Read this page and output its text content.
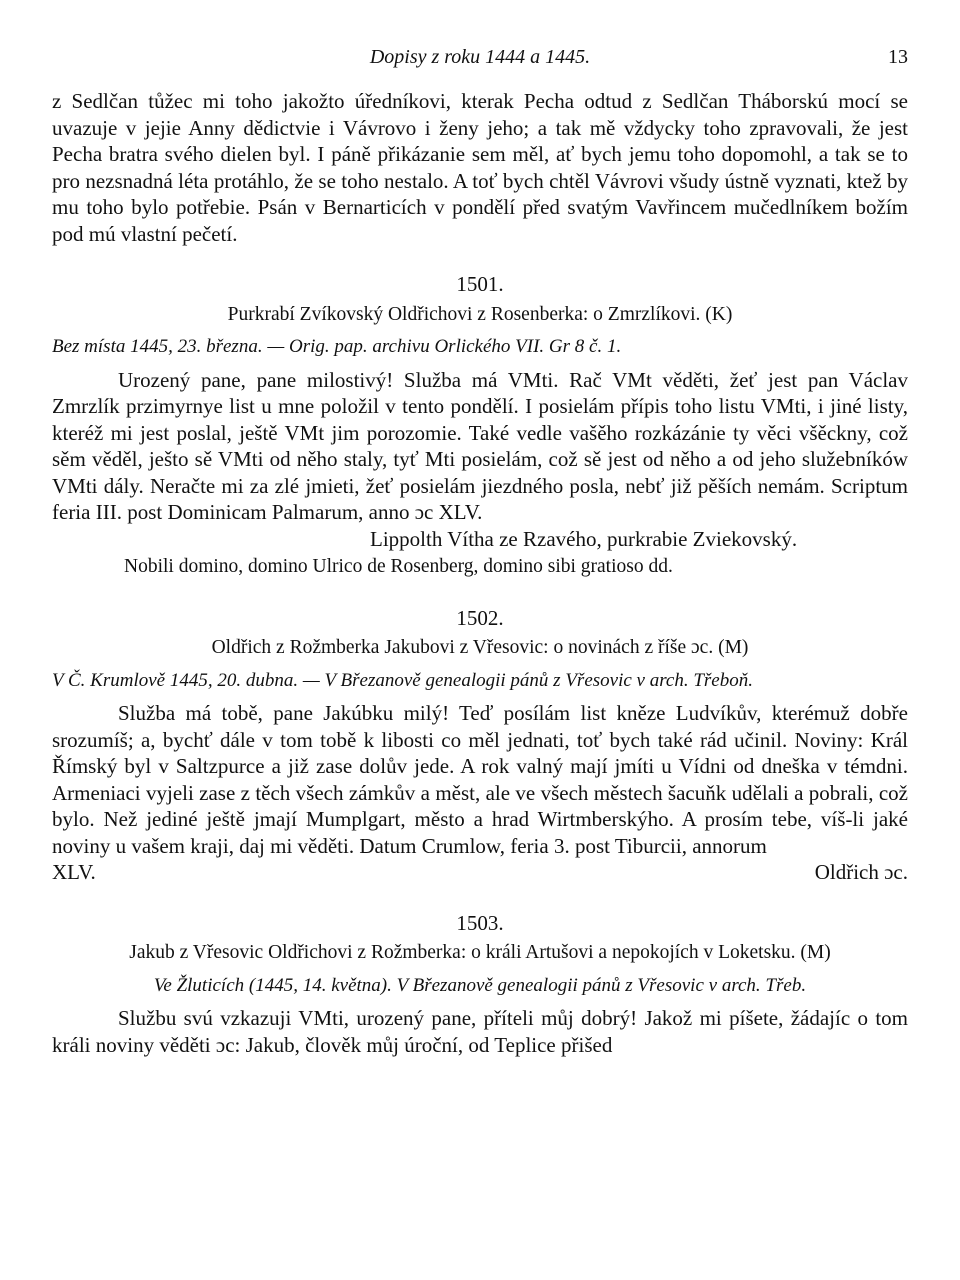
Dopisy z roku 1444 a 1445.	13

z Sedlčan tůžec mi toho jakožto úředníkovi, kterak Pecha odtud z Sedlčan Tháborskú mocí se uvazuje v jejie Anny dědictvie i Vávrovo i ženy jeho; a tak mě vždycky toho zpravovali, že jest Pecha bratra svého dielen byl. I páně přikázanie sem měl, ať bych jemu toho dopomohl, a tak se to pro nezsnadná léta protáhlo, že se toho nestalo. A toť bych chtěl Vávrovi všudy ústně vyznati, ktež by mu toho bylo potřebie. Psán v Bernarticích v pondělí před svatým Vavřincem mučedlníkem božím pod mú vlastní pečetí.

1501.
Purkrabí Zvíkovský Oldřichovi z Rosenberka: o Zmrzlíkovi. (K)
Bez místa 1445, 23. března. — Orig. pap. archivu Orlického VII. Gr 8 č. 1.

Urozený pane, pane milostivý! Služba má VMti. Rač VMt věděti, žeť jest pan Václav Zmrzlík przimyrnye list u mne položil v tento pondělí. I posielám přípis toho listu VMti, i jiné listy, kteréž mi jest poslal, ještě VMt jim porozomie. Také vedle vašěho rozkázánie ty věci všěckny, což sěm věděl, ješto sě VMti od něho staly, tyť Mti posielám, což sě jest od něho a od jeho služebníków VMti dály. Neračte mi za zlé jmieti, žeť posielám jiezdného posla, nebť již pěších nemám. Scriptum feria III. post Dominicam Palmarum, anno ɔc XLV.

Lippolth Vítha ze Rzavého, purkrabie Zviekovský.

Nobili domino, domino Ulrico de Rosenberg, domino sibi gratioso dd.

1502.
Oldřich z Rožmberka Jakubovi z Vřesovic: o novinách z říše ɔc. (M)
V Č. Krumlově 1445, 20. dubna. — V Březanově genealogii pánů z Vřesovic v arch. Třeboň.

Služba má tobě, pane Jakúbku milý! Teď posílám list kněze Ludvíkův, kterémuž dobře srozumíš; a, bychť dále v tom tobě k libosti co měl jednati, toť bych také rád učinil. Noviny: Král Římský byl v Saltzpurce a již zase dolův jede. A rok valný mají jmíti u Vídni od dneška v témdni. Armeniaci vyjeli zase z těch všech zámkův a měst, ale ve všech městech šacuňk udělali a pobrali, což bylo. Než jediné ještě jmají Mumplgart, město a hrad Wirtmberskýho. A prosím tebe, víš-li jaké noviny u vašem kraji, daj mi věděti. Datum Crumlow, feria 3. post Tiburcii, annorum

XLV.	Oldřich ɔc.
1503.
Jakub z Vřesovic Oldřichovi z Rožmberka: o králi Artušovi a nepokojích v Loketsku. (M)
Ve Žluticích (1445, 14. května). V Březanově genealogii pánů z Vřesovic v arch. Třeb.

Službu svú vzkazuji VMti, urozený pane, příteli můj dobrý! Jakož mi píšete, žádajíc o tom králi noviny věděti ɔc: Jakub, člověk můj úroční, od Teplice přišed
